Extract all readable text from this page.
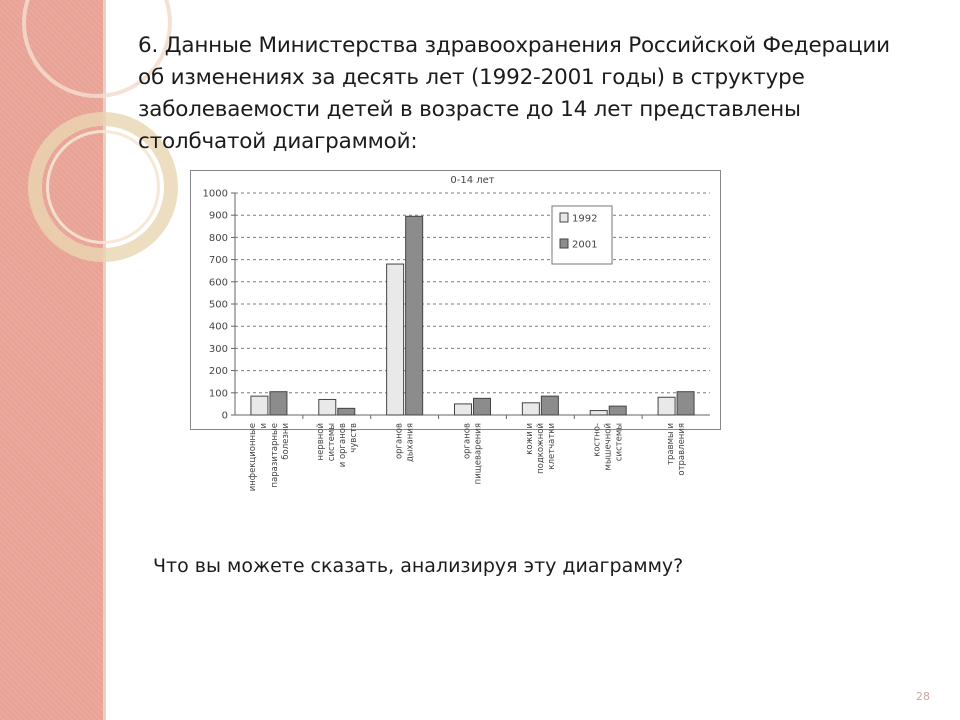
6. Данные Министерства здравоохранения Российской Федерации
об изменениях за десять лет (1992-2001 годы) в структуре
заболеваемости детей в возрасте до 14 лет представлены
столбчатой диаграммой:
0-14 лет
0
100
200
300
400
500
600
700
800
900
1000
инфекционные и паразитарные болезни	нервной системы и органов чувств	органов дыхания	органов пищеварения	кожи и подкожной клетчатки	костно- мышечной системы	травмы и отравления
1992
2001

Что вы можете сказать, анализируя эту диаграмму?

28
